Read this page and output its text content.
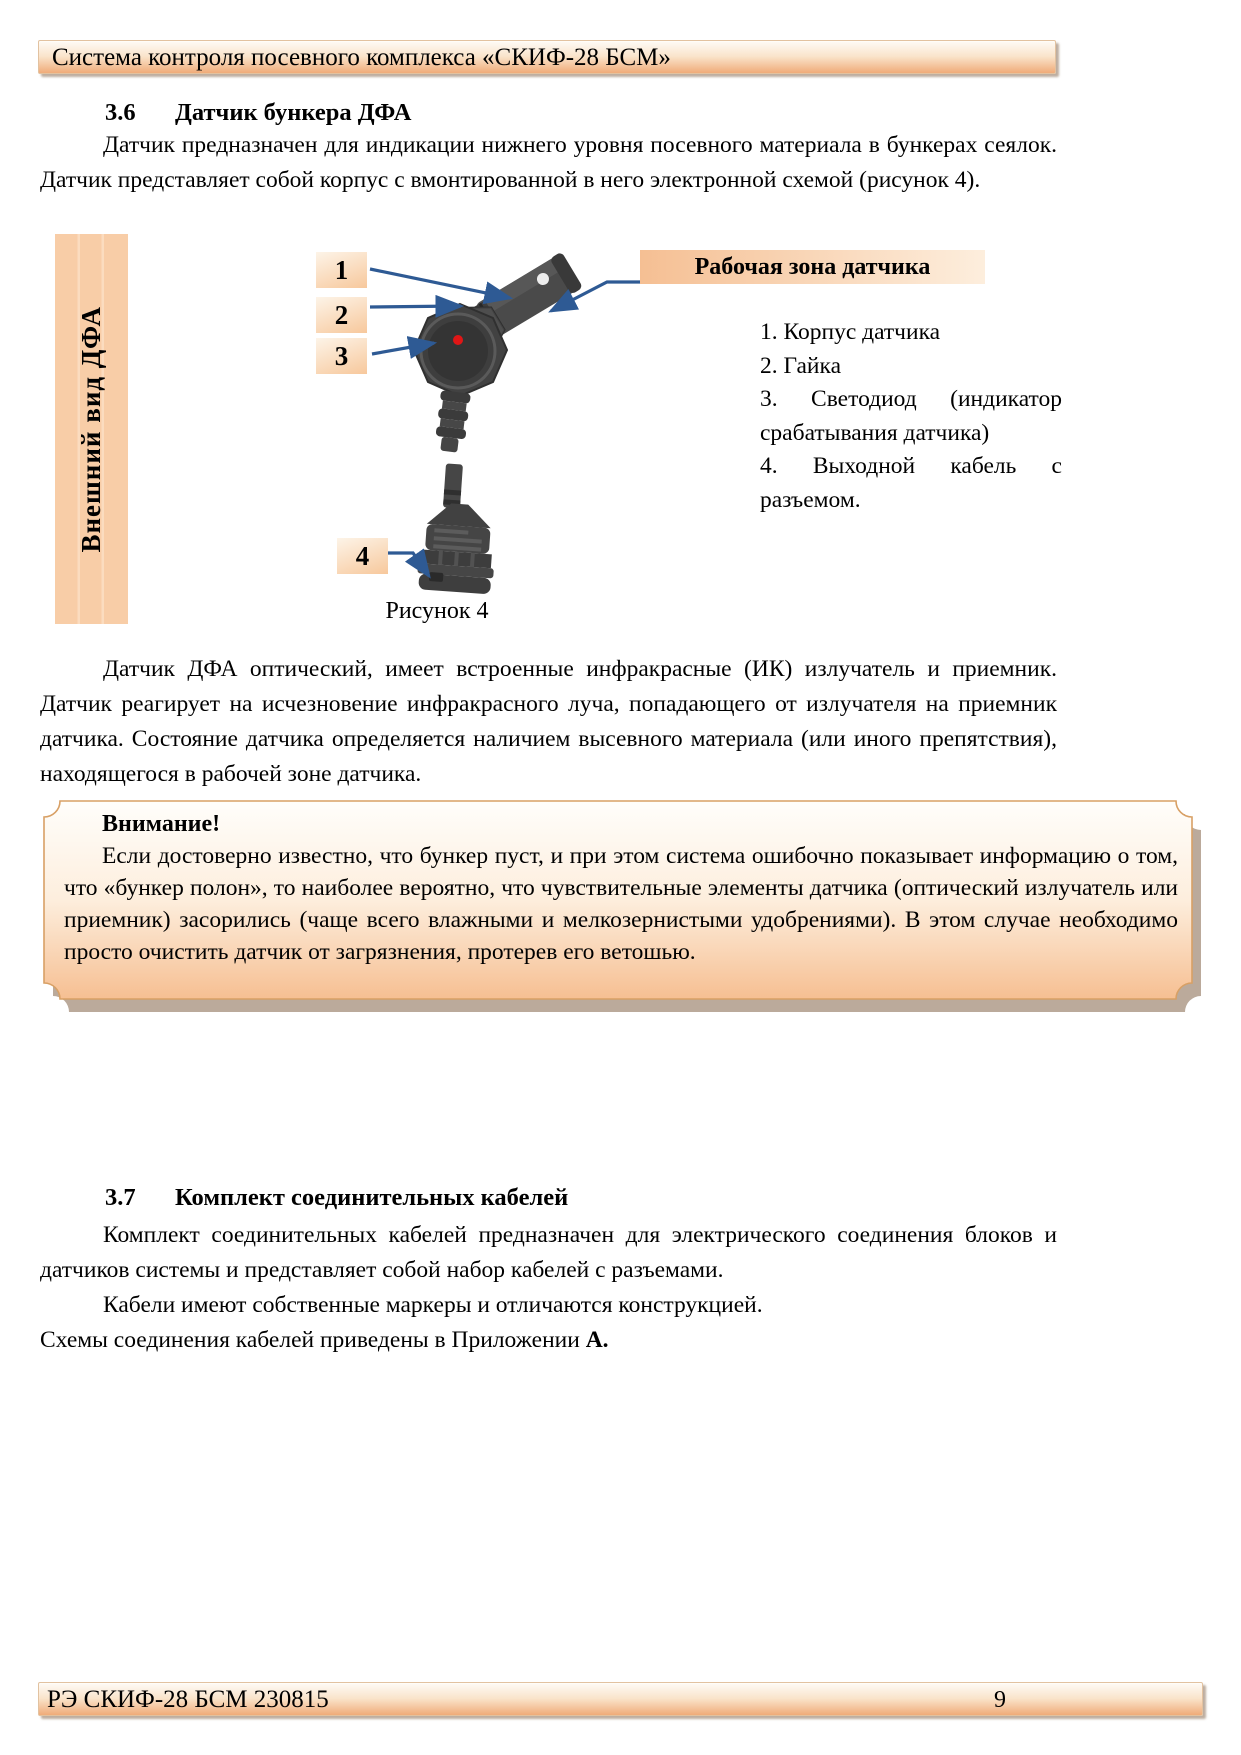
Система контроля посевного комплекса «СКИФ-28 БСМ»
3.6 Датчик бункера ДФА
Датчик предназначен для индикации нижнего уровня посевного материала в бункерах сеялок. Датчик представляет собой корпус с вмонтированной в него электронной схемой (рисунок 4).
Внешний вид ДФА
1
2
3
4
Рабочая зона датчика
1. Корпус датчика
2. Гайка
3. Светодиод (индикатор срабатывания датчика)
4. Выходной кабель с разъемом.
Рисунок 4
Датчик ДФА оптический, имеет встроенные инфракрасные (ИК) излучатель и приемник. Датчик реагирует на исчезновение инфракрасного луча, попадающего от излучателя на приемник датчика. Состояние датчика определяется наличием высевного материала (или иного препятствия), находящегося в рабочей зоне датчика.
Внимание!
Если достоверно известно, что бункер пуст, и при этом система ошибочно показывает информацию о том, что «бункер полон», то наиболее вероятно, что чувствительные элементы датчика (оптический излучатель или приемник) засорились (чаще всего влажными и мелкозернистыми удобрениями). В этом случае необходимо просто очистить датчик от загрязнения, протерев его ветошью.
3.7 Комплект соединительных кабелей
Комплект соединительных кабелей предназначен для электрического соединения блоков и датчиков системы и представляет собой набор кабелей с разъемами.
Кабели имеют собственные маркеры и отличаются конструкцией.
Схемы соединения кабелей приведены в Приложении А.
РЭ СКИФ-28 БСМ 230815	9
